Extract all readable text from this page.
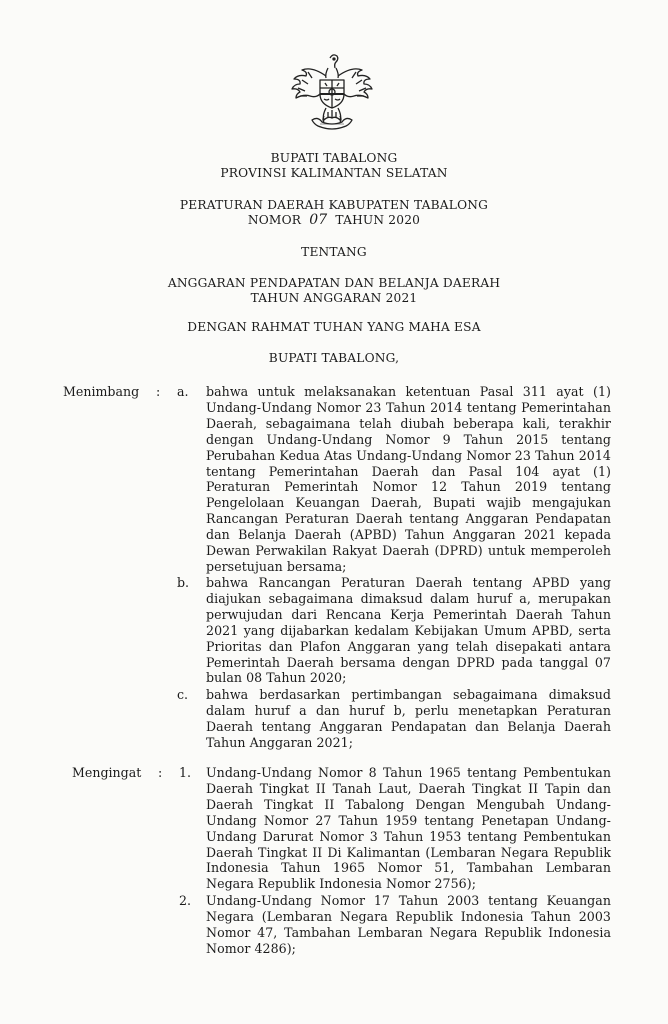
BUPATI TABALONG
PROVINSI KALIMANTAN SELATAN
PERATURAN DAERAH KABUPATEN TABALONG
NOMOR 07 TAHUN 2020
TENTANG
ANGGARAN PENDAPATAN DAN BELANJA DAERAH
TAHUN ANGGARAN 2021
DENGAN RAHMAT TUHAN YANG MAHA ESA
BUPATI TABALONG,
Menimbang : a. bahwa untuk melaksanakan ketentuan Pasal 311 ayat (1) Undang-Undang Nomor 23 Tahun 2014 tentang Pemerintahan Daerah, sebagaimana telah diubah beberapa kali, terakhir dengan Undang-Undang Nomor 9 Tahun 2015 tentang Perubahan Kedua Atas Undang-Undang Nomor 23 Tahun 2014 tentang Pemerintahan Daerah dan Pasal 104 ayat (1) Peraturan Pemerintah Nomor 12 Tahun 2019 tentang Pengelolaan Keuangan Daerah, Bupati wajib mengajukan Rancangan Peraturan Daerah tentang Anggaran Pendapatan dan Belanja Daerah (APBD) Tahun Anggaran 2021 kepada Dewan Perwakilan Rakyat Daerah (DPRD) untuk memperoleh persetujuan bersama;
b. bahwa Rancangan Peraturan Daerah tentang APBD yang diajukan sebagaimana dimaksud dalam huruf a, merupakan perwujudan dari Rencana Kerja Pemerintah Daerah Tahun 2021 yang dijabarkan kedalam Kebijakan Umum APBD, serta Prioritas dan Plafon Anggaran yang telah disepakati antara Pemerintah Daerah bersama dengan DPRD pada tanggal 07 bulan 08 Tahun 2020;
c. bahwa berdasarkan pertimbangan sebagaimana dimaksud dalam huruf a dan huruf b, perlu menetapkan Peraturan Daerah tentang Anggaran Pendapatan dan Belanja Daerah Tahun Anggaran 2021;
Mengingat : 1. Undang-Undang Nomor 8 Tahun 1965 tentang Pembentukan Daerah Tingkat II Tanah Laut, Daerah Tingkat II Tapin dan Daerah Tingkat II Tabalong Dengan Mengubah Undang-Undang Nomor 27 Tahun 1959 tentang Penetapan Undang-Undang Darurat Nomor 3 Tahun 1953 tentang Pembentukan Daerah Tingkat II Di Kalimantan (Lembaran Negara Republik Indonesia Tahun 1965 Nomor 51, Tambahan Lembaran Negara Republik Indonesia Nomor 2756);
2. Undang-Undang Nomor 17 Tahun 2003 tentang Keuangan Negara (Lembaran Negara Republik Indonesia Tahun 2003 Nomor 47, Tambahan Lembaran Negara Republik Indonesia Nomor 4286);
